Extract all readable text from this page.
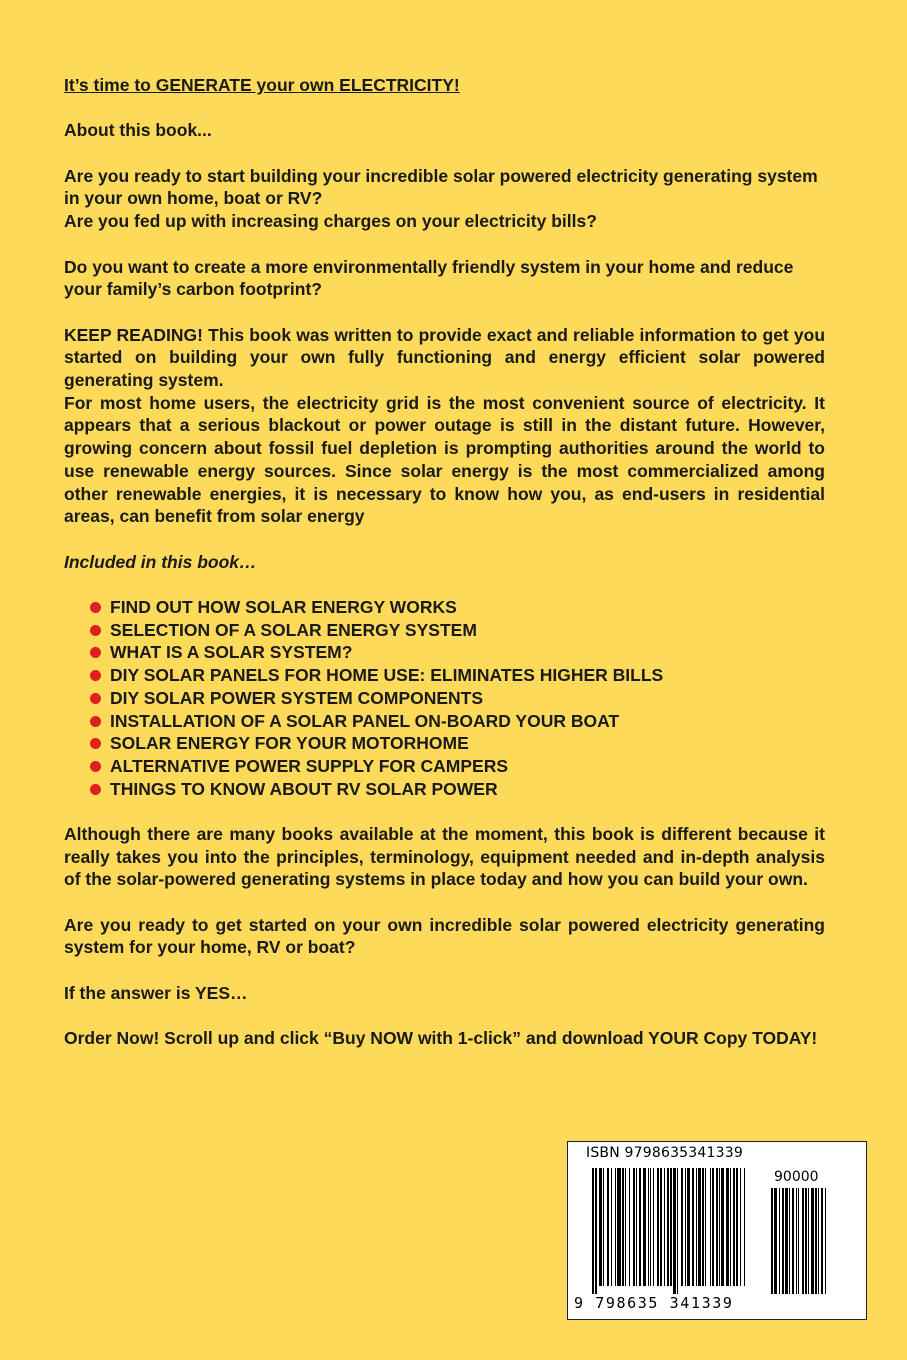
It’s time to GENERATE your own ELECTRICITY!

About this book...

Are you ready to start building your incredible solar powered electricity generating system in your own home, boat or RV?

Are you fed up with increasing charges on your electricity bills?

Do you want to create a more environmentally friendly system in your home and reduce your family’s carbon footprint?

KEEP READING! This book was written to provide exact and reliable information to get you started on building your own fully functioning and energy efficient solar powered generating system.

For most home users, the electricity grid is the most convenient source of electricity. It appears that a serious blackout or power outage is still in the distant future. However, growing concern about fossil fuel depletion is prompting authorities around the world to use renewable energy sources. Since solar energy is the most commercialized among other renewable energies, it is necessary to know how you, as end-users in residential areas, can benefit from solar energy

Included in this book…

FIND OUT HOW SOLAR ENERGY WORKS
SELECTION OF A SOLAR ENERGY SYSTEM
WHAT IS A SOLAR SYSTEM?
DIY SOLAR PANELS FOR HOME USE: ELIMINATES HIGHER BILLS
DIY SOLAR POWER SYSTEM COMPONENTS
INSTALLATION OF A SOLAR PANEL ON-BOARD YOUR BOAT
SOLAR ENERGY FOR YOUR MOTORHOME
ALTERNATIVE POWER SUPPLY FOR CAMPERS
THINGS TO KNOW ABOUT RV SOLAR POWER

Although there are many books available at the moment, this book is different because it really takes you into the principles, terminology, equipment needed and in-depth analysis of the solar-powered generating systems in place today and how you can build your own.

Are you ready to get started on your own incredible solar powered electricity generating system for your home, RV or boat?

If the answer is YES…

Order Now! Scroll up and click “Buy NOW with 1-click” and download YOUR Copy TODAY!

ISBN 9798635341339
90000
9 798635 341339
